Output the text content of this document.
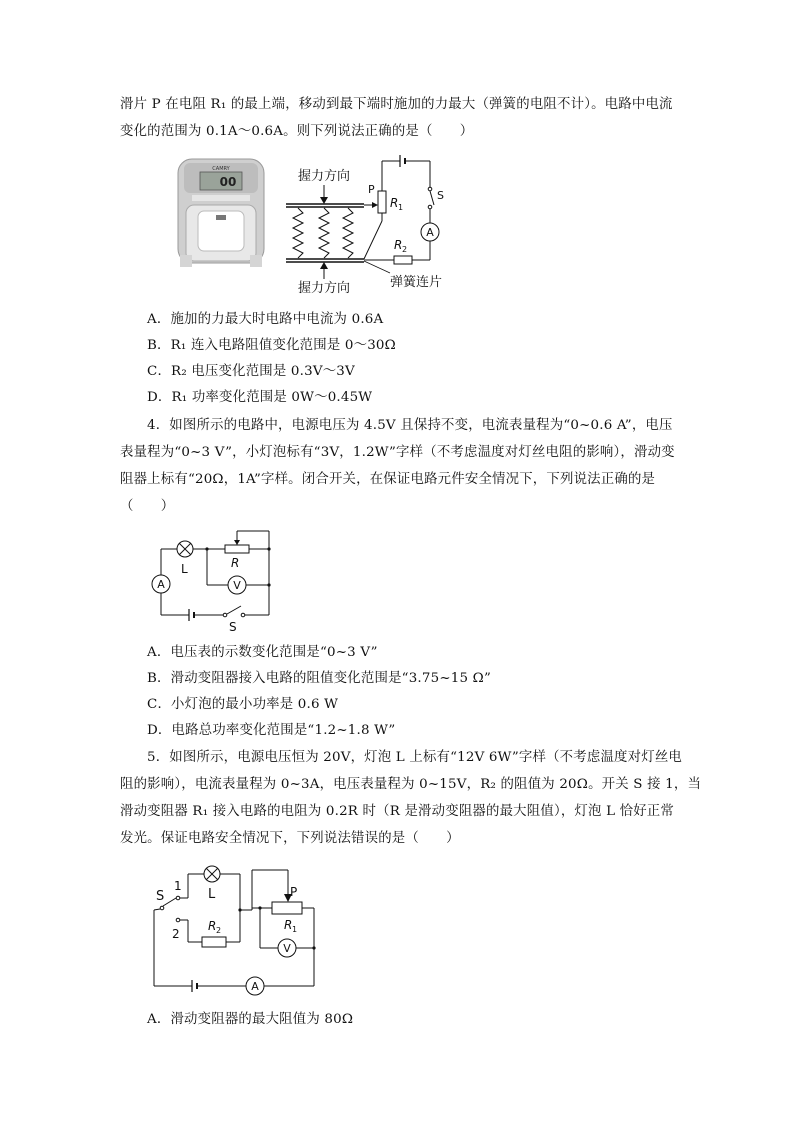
滑片 P 在电阻 R₁ 的最上端，移动到最下端时施加的力最大（弹簧的电阻不计）。电路中电流
变化的范围为 0.1A～0.6A。则下列说法正确的是（　　）
CAMRY
00	握力方向
握力方向
P
R 1
S
A
R 2
弹簧连片
A．施加的力最大时电路中电流为 0.6A
B．R₁ 连入电路阻值变化范围是 0～30Ω
C．R₂ 电压变化范围是 0.3V～3V
D．R₁ 功率变化范围是 0W～0.45W
4．如图所示的电路中，电源电压为 4.5V 且保持不变，电流表量程为“0~0.6 A”，电压
表量程为“0~3 V”，小灯泡标有“3V，1.2W”字样（不考虑温度对灯丝电阻的影响），滑动变
阻器上标有“20Ω，1A”字样。闭合开关，在保证电路元件安全情况下，下列说法正确的是
（　　）
L	R
V
A
S
A．电压表的示数变化范围是“0~3 V”
B．滑动变阻器接入电路的阻值变化范围是“3.75~15 Ω”
C．小灯泡的最小功率是 0.6 W
D．电路总功率变化范围是“1.2~1.8 W”
5．如图所示，电源电压恒为 20V，灯泡 L 上标有“12V 6W”字样（不考虑温度对灯丝电
阻的影响），电流表量程为 0~3A，电压表量程为 0~15V，R₂ 的阻值为 20Ω。开关 S 接 1，当
滑动变阻器 R₁ 接入电路的电阻为 0.2R 时（R 是滑动变阻器的最大阻值），灯泡 L 恰好正常
发光。保证电路安全情况下，下列说法错误的是（　　）
S
1
L
2
R 2
P
R 1
V
A
A．滑动变阻器的最大阻值为 80Ω
